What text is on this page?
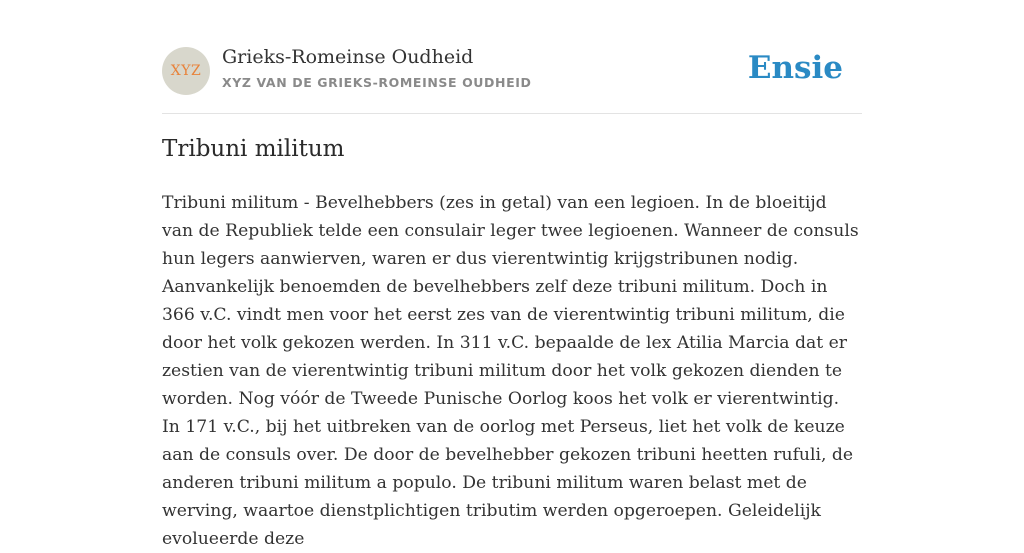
XYZ
Grieks-Romeinse Oudheid
XYZ VAN DE GRIEKS-ROMEINSE OUDHEID	Ensie
Tribuni militum

Tribuni militum - Bevelhebbers (zes in getal) van een legioen. In de bloeitijd van de Republiek telde een consulair leger twee legioenen. Wanneer de consuls hun legers aanwierven, waren er dus vierentwintig krijgstribunen nodig. Aanvankelijk benoemden de bevelhebbers zelf deze tribuni militum. Doch in 366 v.C. vindt men voor het eerst zes van de vierentwintig tribuni militum, die door het volk gekozen werden. In 311 v.C. bepaalde de lex Atilia Marcia dat er zestien van de vierentwintig tribuni militum door het volk gekozen dienden te worden. Nog vóór de Tweede Punische Oorlog koos het volk er vierentwintig. In 171 v.C., bij het uitbreken van de oorlog met Perseus, liet het volk de keuze aan de consuls over. De door de bevelhebber gekozen tribuni heetten rufuli, de anderen tribuni militum a populo. De tribuni militum waren belast met de werving, waartoe dienstplichtigen tributim werden opgeroepen. Geleidelijk evolueerde deze
